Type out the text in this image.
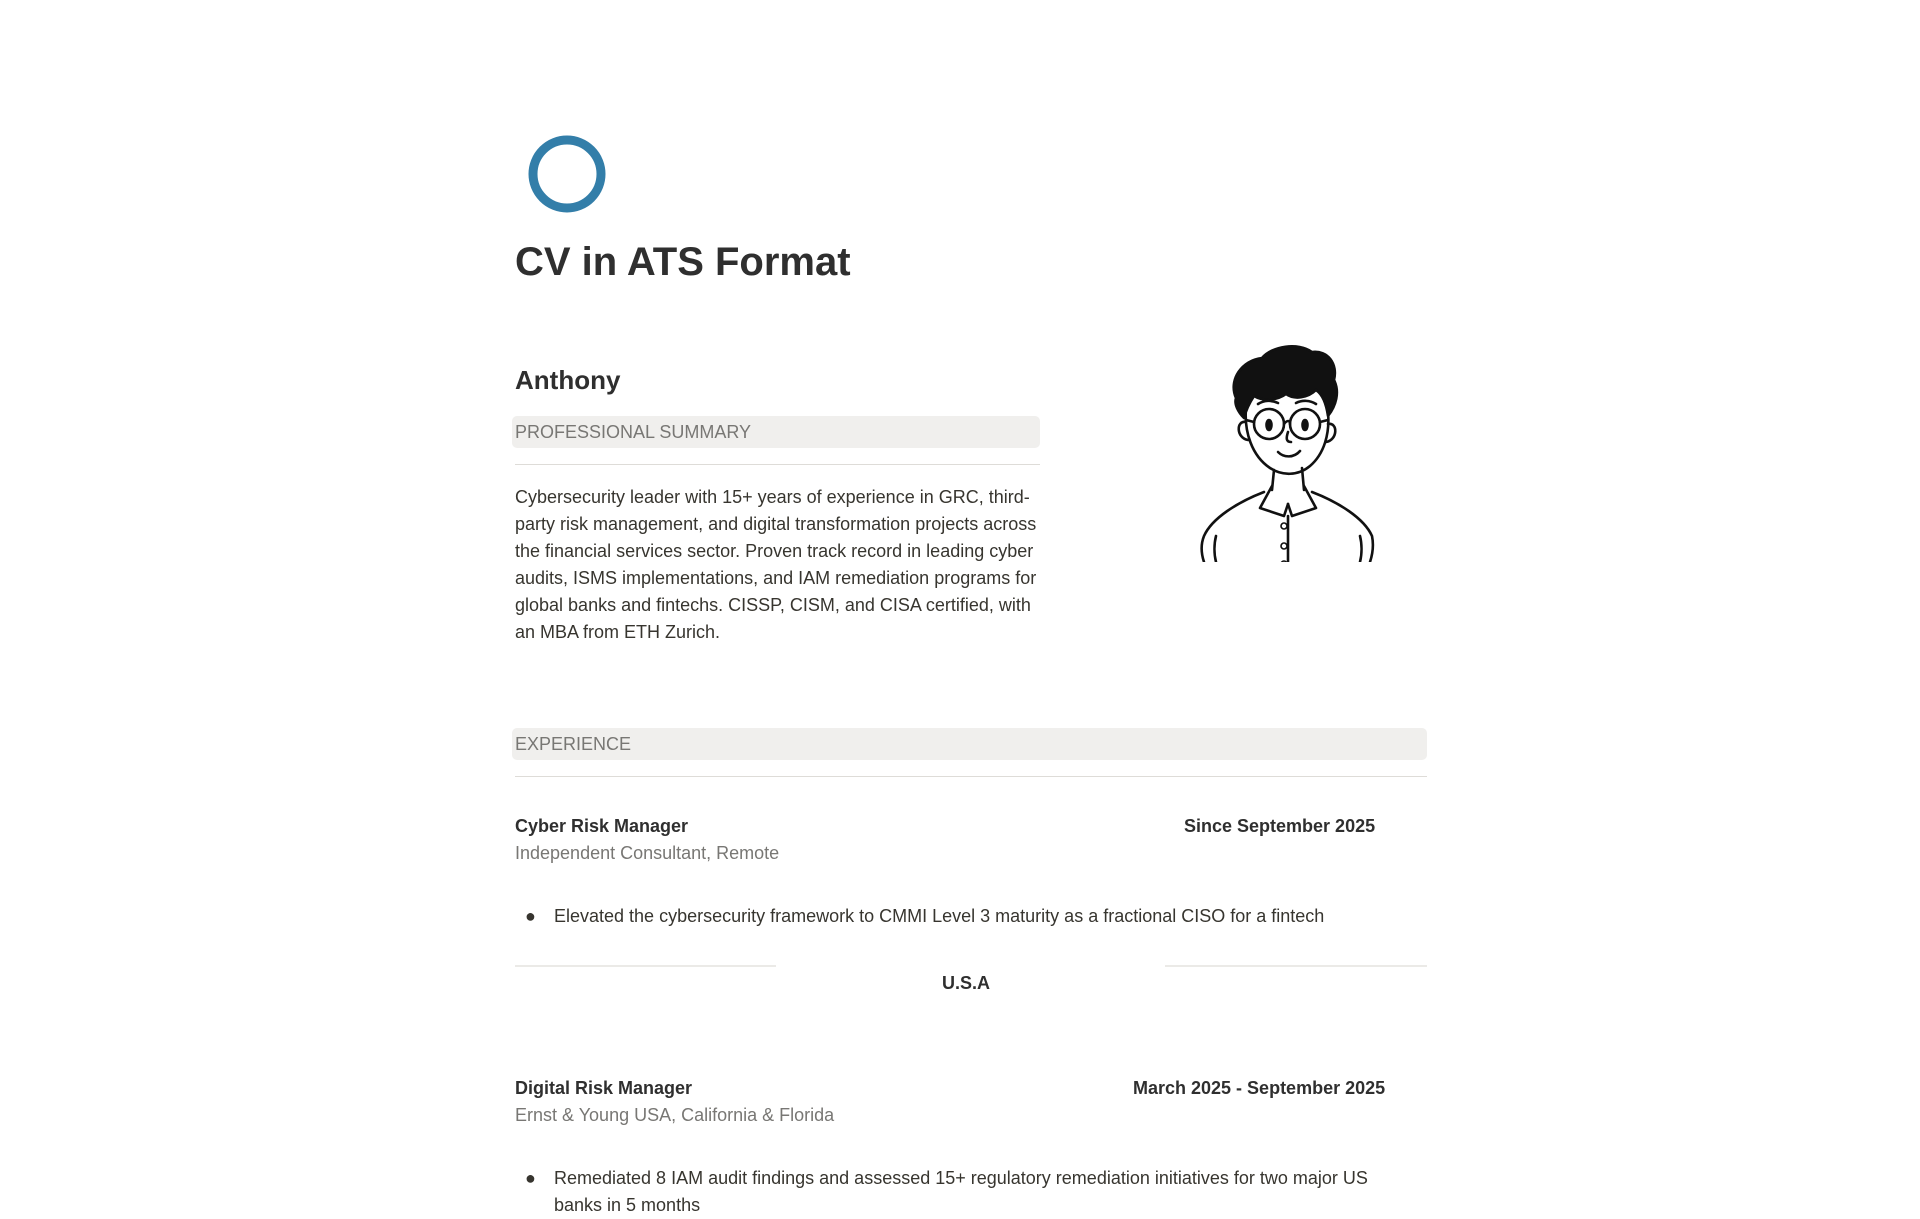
CV in ATS Format
Anthony
PROFESSIONAL SUMMARY

Cybersecurity leader with 15+ years of experience in GRC, third-party risk management, and digital transformation projects across the financial services sector. Proven track record in leading cyber audits, ISMS implementations, and IAM remediation programs for global banks and fintechs. CISSP, CISM, and CISA certified, with an MBA from ETH Zurich.

EXPERIENCE
Cyber Risk Manager	Since September 2025
Independent Consultant, Remote
● Elevated the cybersecurity framework to CMMI Level 3 maturity as a fractional CISO for a fintech
U.S.A
Digital Risk Manager	March 2025 - September 2025
Ernst & Young USA, California & Florida
● Remediated 8 IAM audit findings and assessed 15+ regulatory remediation initiatives for two major US banks in 5 months
